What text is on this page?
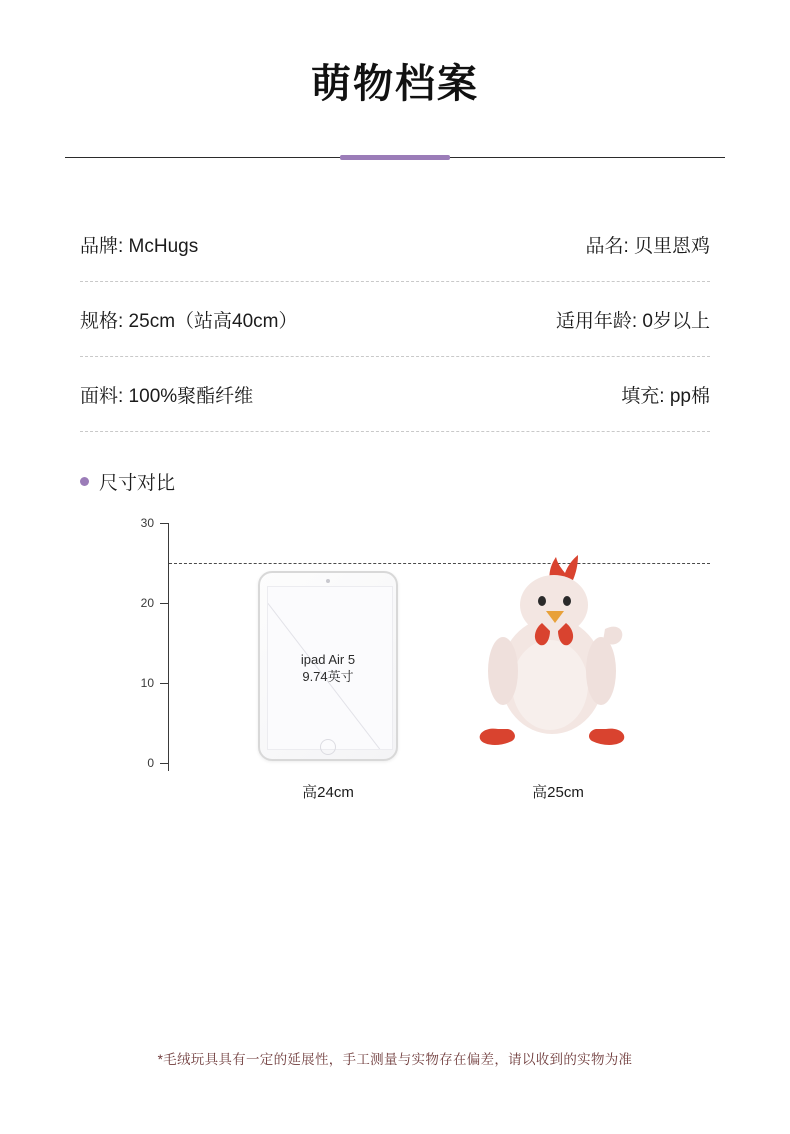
萌物档案
品牌: McHugs	品名: 贝里恩鸡
规格: 25cm（站高40cm）	适用年龄: 0岁以上
面料: 100%聚酯纤维	填充: pp棉
尺寸对比
30
20
10
0
ipad Air 5
9.74英寸
高24cm	高25cm
*毛绒玩具具有一定的延展性，手工测量与实物存在偏差，请以收到的实物为准
